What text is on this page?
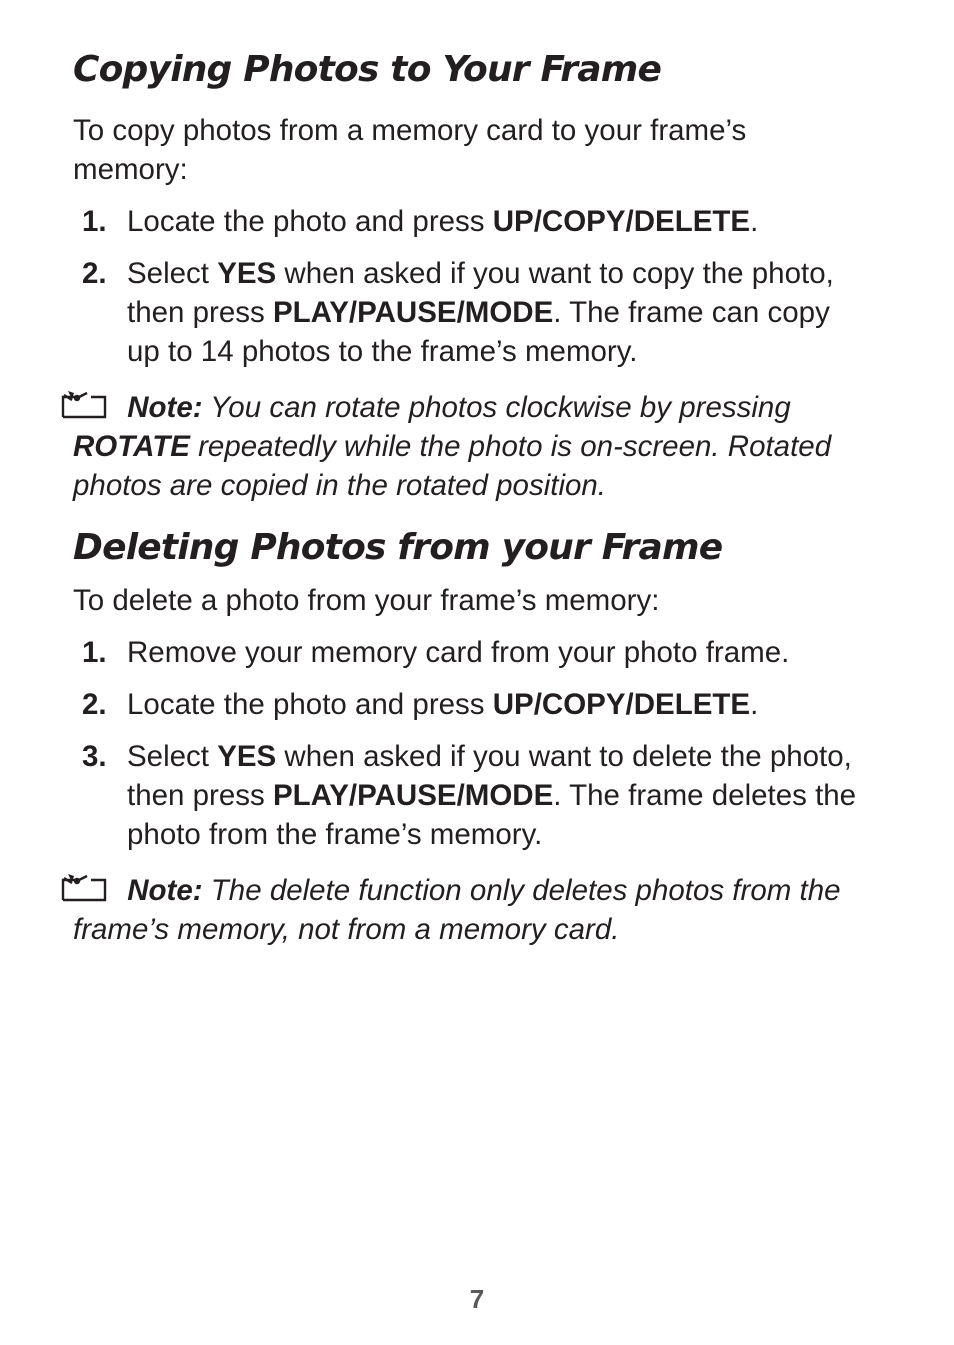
Copying Photos to Your Frame

To copy photos from a memory card to your frame’s memory:

1. Locate the photo and press UP/COPY/DELETE.
2. Select YES when asked if you want to copy the photo, then press PLAY/PAUSE/MODE. The frame can copy up to 14 photos to the frame’s memory.

Note: You can rotate photos clockwise by pressing ROTATE repeatedly while the photo is on-screen. Rotated photos are copied in the rotated position.

Deleting Photos from your Frame

To delete a photo from your frame’s memory:

1. Remove your memory card from your photo frame.
2. Locate the photo and press UP/COPY/DELETE.
3. Select YES when asked if you want to delete the photo, then press PLAY/PAUSE/MODE. The frame deletes the photo from the frame’s memory.

Note: The delete function only deletes photos from the frame’s memory, not from a memory card.

7
